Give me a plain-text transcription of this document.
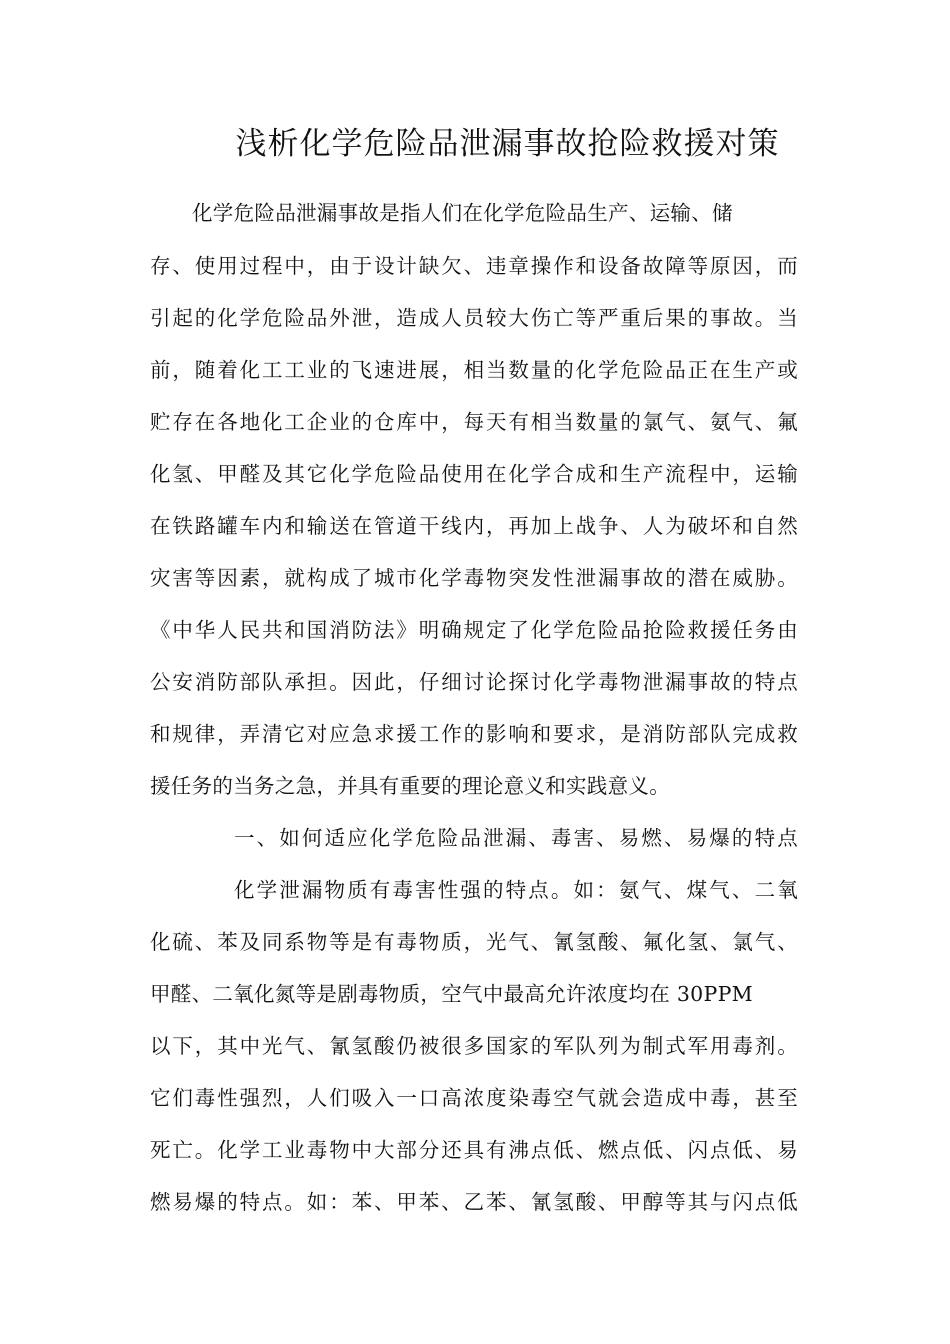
浅析化学危险品泄漏事故抢险救援对策
化学危险品泄漏事故是指人们在化学危险品生产、运输、储
存、使用过程中，由于设计缺欠、违章操作和设备故障等原因，而
引起的化学危险品外泄，造成人员较大伤亡等严重后果的事故。当
前，随着化工工业的飞速进展，相当数量的化学危险品正在生产或
贮存在各地化工企业的仓库中，每天有相当数量的氯气、氨气、氟
化氢、甲醛及其它化学危险品使用在化学合成和生产流程中，运输
在铁路罐车内和输送在管道干线内，再加上战争、人为破坏和自然
灾害等因素，就构成了城市化学毒物突发性泄漏事故的潜在威胁。
《中华人民共和国消防法》明确规定了化学危险品抢险救援任务由
公安消防部队承担。因此，仔细讨论探讨化学毒物泄漏事故的特点
和规律，弄清它对应急求援工作的影响和要求，是消防部队完成救
援任务的当务之急，并具有重要的理论意义和实践意义。
一、如何适应化学危险品泄漏、毒害、易燃、易爆的特点
化学泄漏物质有毒害性强的特点。如：氨气、煤气、二氧
化硫、苯及同系物等是有毒物质，光气、氰氢酸、氟化氢、氯气、
甲醛、二氧化氮等是剧毒物质，空气中最高允许浓度均在 30PPM
以下，其中光气、氰氢酸仍被很多国家的军队列为制式军用毒剂。
它们毒性强烈，人们吸入一口高浓度染毒空气就会造成中毒，甚至
死亡。化学工业毒物中大部分还具有沸点低、燃点低、闪点低、易
燃易爆的特点。如：苯、甲苯、乙苯、氰氢酸、甲醇等其与闪点低
